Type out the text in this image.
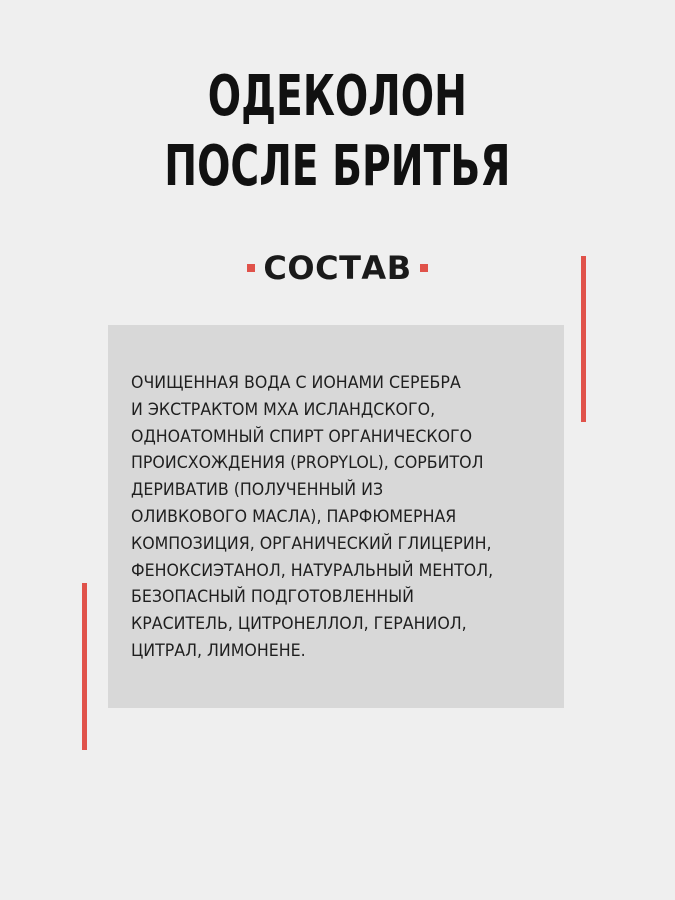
ОДЕКОЛОН
ПОСЛЕ БРИТЬЯ
СОСТАВ
ОЧИЩЕННАЯ ВОДА С ИОНАМИ СЕРЕБРА
И ЭКСТРАКТОМ МХА ИСЛАНДСКОГО,
ОДНОАТОМНЫЙ СПИРТ ОРГАНИЧЕСКОГО
ПРОИСХОЖДЕНИЯ (PROPYLOL), СОРБИТОЛ
ДЕРИВАТИВ (ПОЛУЧЕННЫЙ ИЗ
ОЛИВКОВОГО МАСЛА), ПАРФЮМЕРНАЯ
КОМПОЗИЦИЯ, ОРГАНИЧЕСКИЙ ГЛИЦЕРИН,
ФЕНОКСИЭТАНОЛ, НАТУРАЛЬНЫЙ МЕНТОЛ,
БЕЗОПАСНЫЙ ПОДГОТОВЛЕННЫЙ
КРАСИТЕЛЬ, ЦИТРОНЕЛЛОЛ, ГЕРАНИОЛ,
ЦИТРАЛ, ЛИМОНЕНЕ.
